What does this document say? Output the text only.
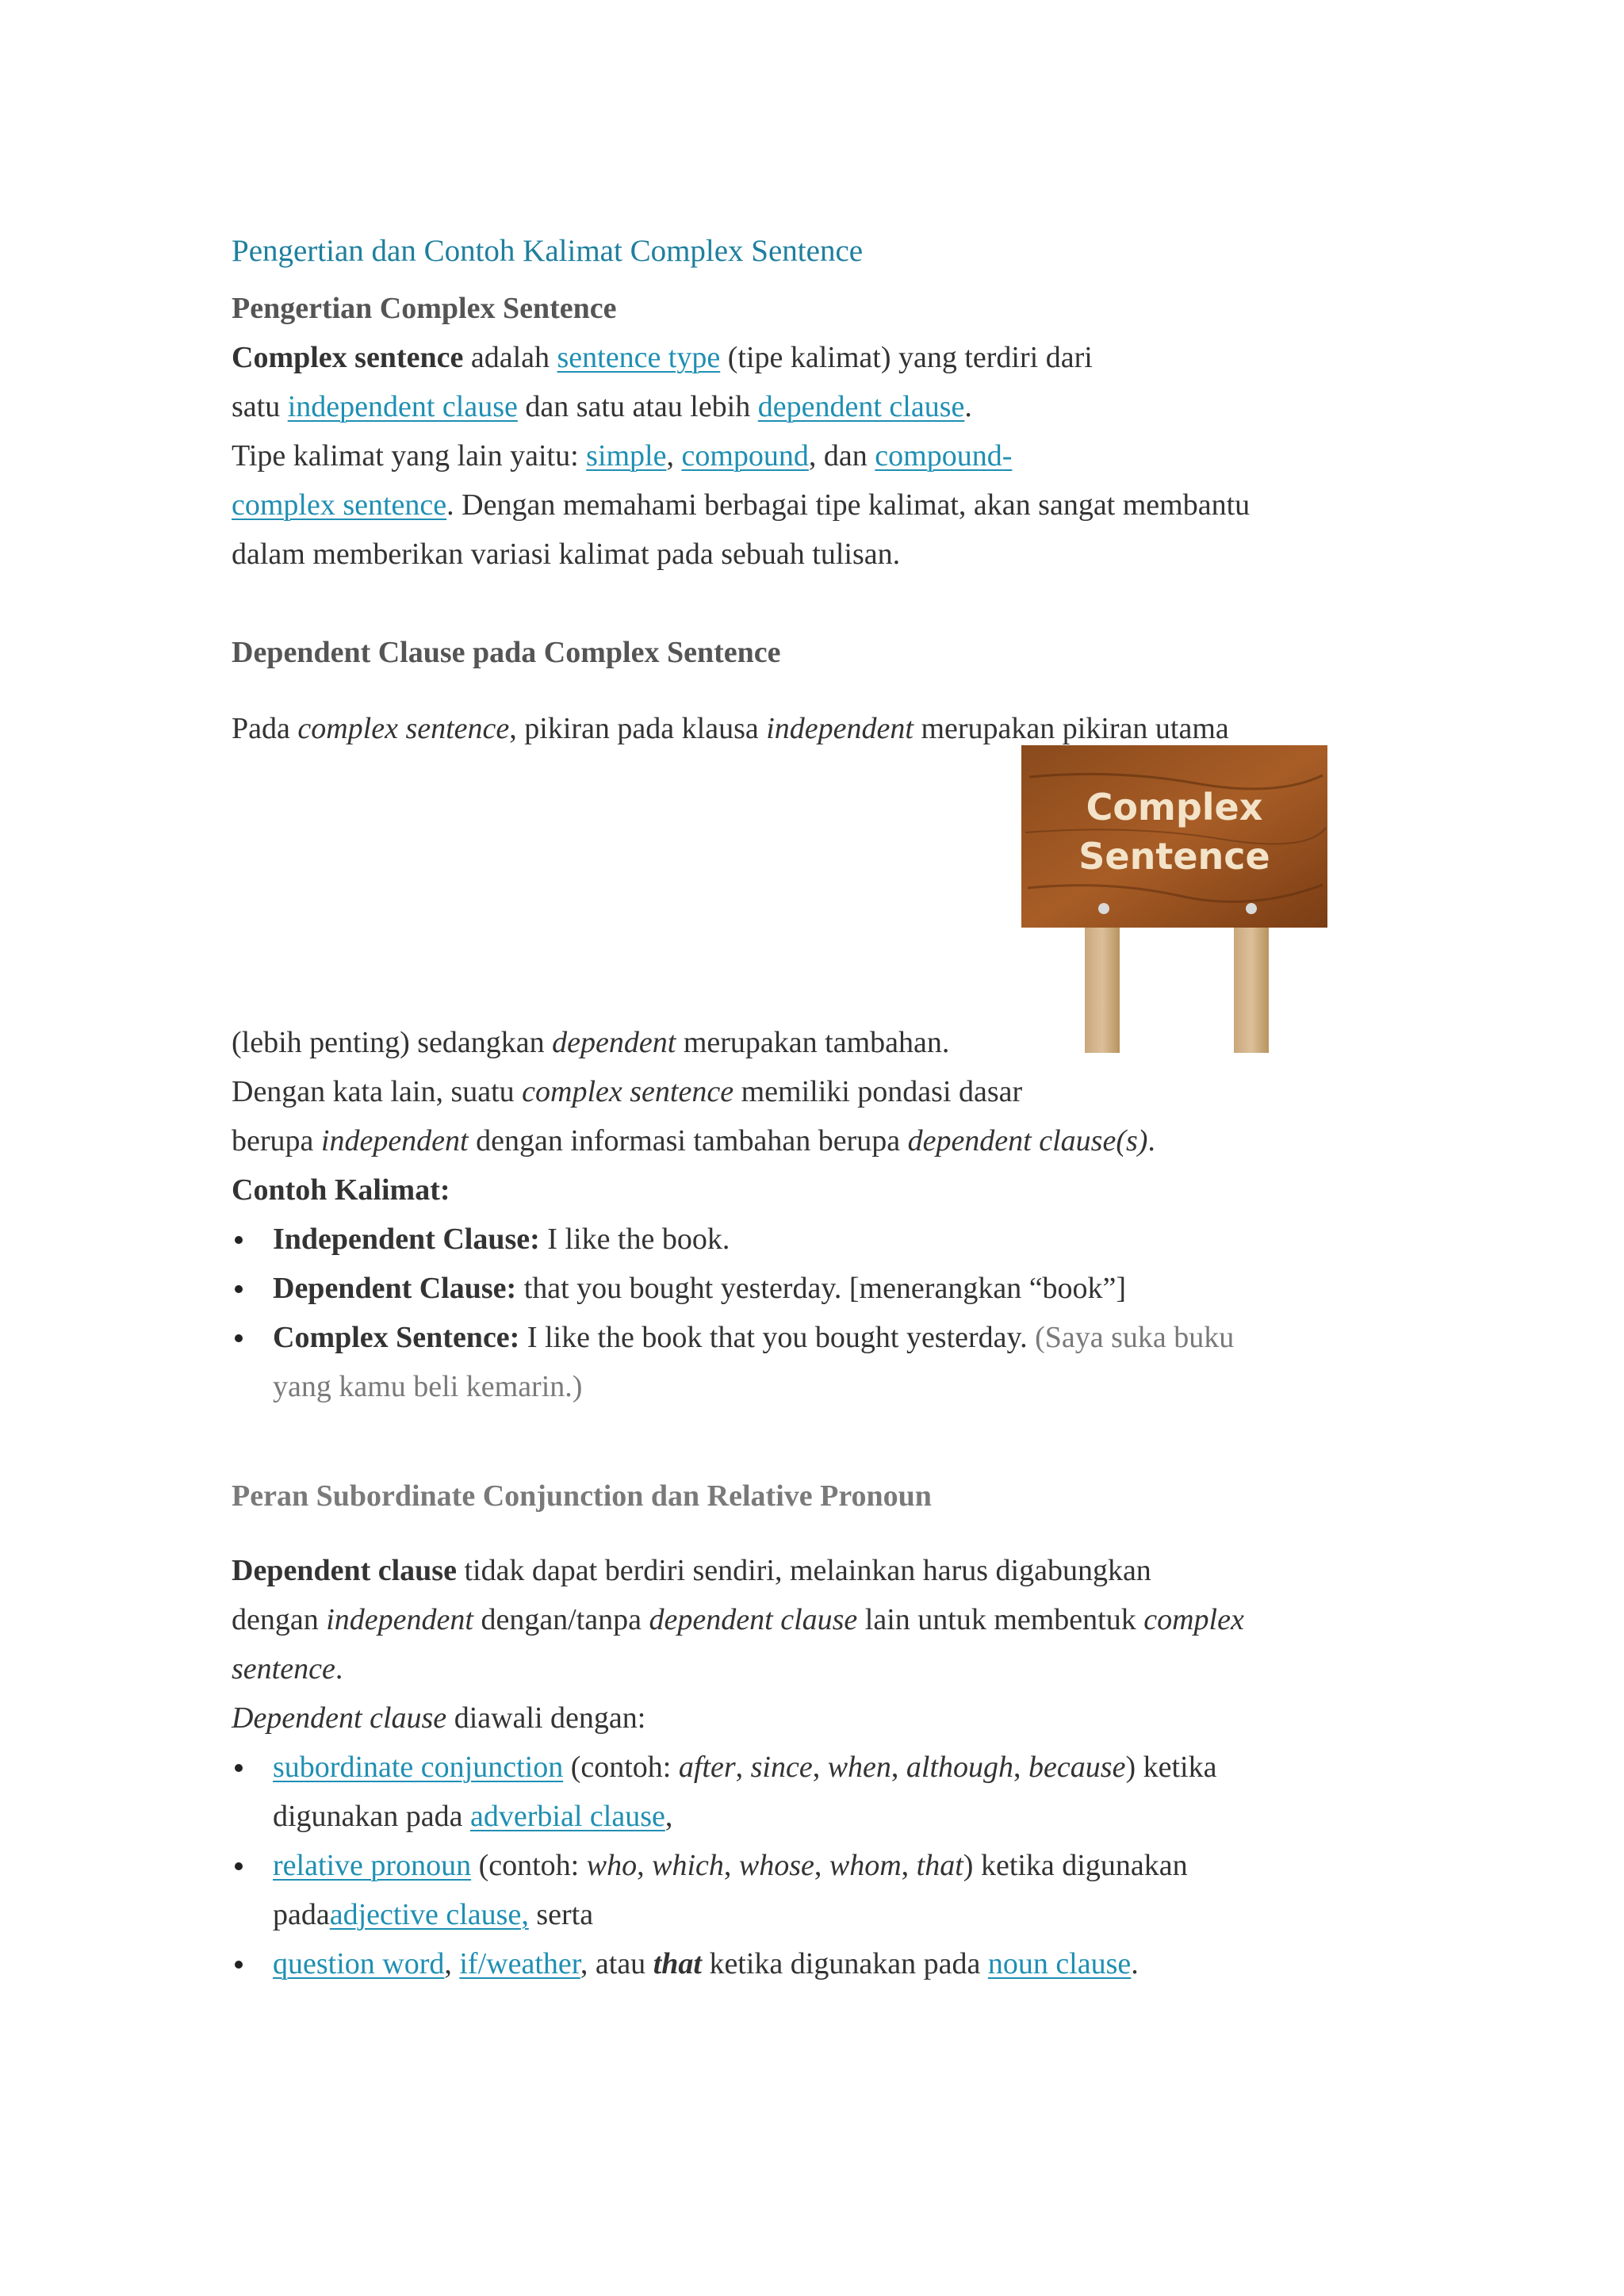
Pengertian dan Contoh Kalimat Complex Sentence

Pengertian Complex Sentence
Complex sentence adalah sentence type (tipe kalimat) yang terdiri dari
satu independent clause dan satu atau lebih dependent clause.
Tipe kalimat yang lain yaitu: simple, compound, dan compound-
complex sentence. Dengan memahami berbagai tipe kalimat, akan sangat membantu
dalam memberikan variasi kalimat pada sebuah tulisan.
Dependent Clause pada Complex Sentence
Pada complex sentence, pikiran pada klausa independent merupakan pikiran utama
Complex
Sentence
(lebih penting) sedangkan dependent merupakan tambahan.
Dengan kata lain, suatu complex sentence memiliki pondasi dasar
berupa independent dengan informasi tambahan berupa dependent clause(s).
Contoh Kalimat:
Independent Clause: I like the book.
Dependent Clause: that you bought yesterday. [menerangkan “book”]
Complex Sentence: I like the book that you bought yesterday. (Saya suka buku
yang kamu beli kemarin.)
Peran Subordinate Conjunction dan Relative Pronoun
Dependent clause tidak dapat berdiri sendiri, melainkan harus digabungkan
dengan independent dengan/tanpa dependent clause lain untuk membentuk complex
sentence.
Dependent clause diawali dengan:
subordinate conjunction (contoh: after, since, when, although, because) ketika
digunakan pada adverbial clause,
relative pronoun (contoh: who, which, whose, whom, that) ketika digunakan
padaadjective clause, serta
question word, if/weather, atau that ketika digunakan pada noun clause.
